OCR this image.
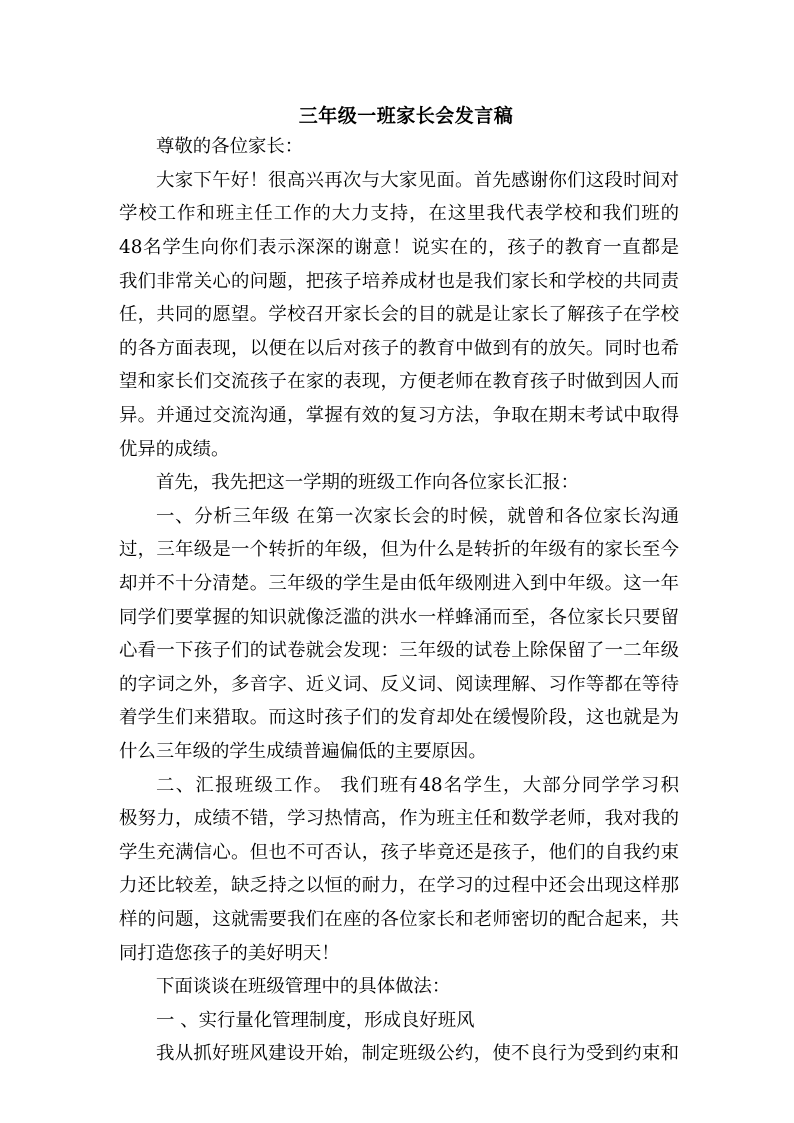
三年级一班家长会发言稿

尊敬的各位家长：

大家下午好！很高兴再次与大家见面。首先感谢你们这段时间对

学校工作和班主任工作的大力支持，在这里我代表学校和我们班的

48名学生向你们表示深深的谢意！说实在的，孩子的教育一直都是

我们非常关心的问题，把孩子培养成材也是我们家长和学校的共同责

任，共同的愿望。学校召开家长会的目的就是让家长了解孩子在学校

的各方面表现，以便在以后对孩子的教育中做到有的放矢。同时也希

望和家长们交流孩子在家的表现，方便老师在教育孩子时做到因人而

异。并通过交流沟通，掌握有效的复习方法，争取在期末考试中取得

优异的成绩。

首先，我先把这一学期的班级工作向各位家长汇报：

一、分析三年级 在第一次家长会的时候，就曾和各位家长沟通

过，三年级是一个转折的年级，但为什么是转折的年级有的家长至今

却并不十分清楚。三年级的学生是由低年级刚进入到中年级。这一年

同学们要掌握的知识就像泛滥的洪水一样蜂涌而至，各位家长只要留

心看一下孩子们的试卷就会发现：三年级的试卷上除保留了一二年级

的字词之外，多音字、近义词、反义词、阅读理解、习作等都在等待

着学生们来猎取。而这时孩子们的发育却处在缓慢阶段，这也就是为

什么三年级的学生成绩普遍偏低的主要原因。

二、汇报班级工作。 我们班有48名学生，大部分同学学习积

极努力，成绩不错，学习热情高，作为班主任和数学老师，我对我的

学生充满信心。但也不可否认，孩子毕竟还是孩子，他们的自我约束

力还比较差，缺乏持之以恒的耐力，在学习的过程中还会出现这样那

样的问题，这就需要我们在座的各位家长和老师密切的配合起来，共

同打造您孩子的美好明天！

下面谈谈在班级管理中的具体做法：

一 、实行量化管理制度，形成良好班风

我从抓好班风建设开始，制定班级公约，使不良行为受到约束和
